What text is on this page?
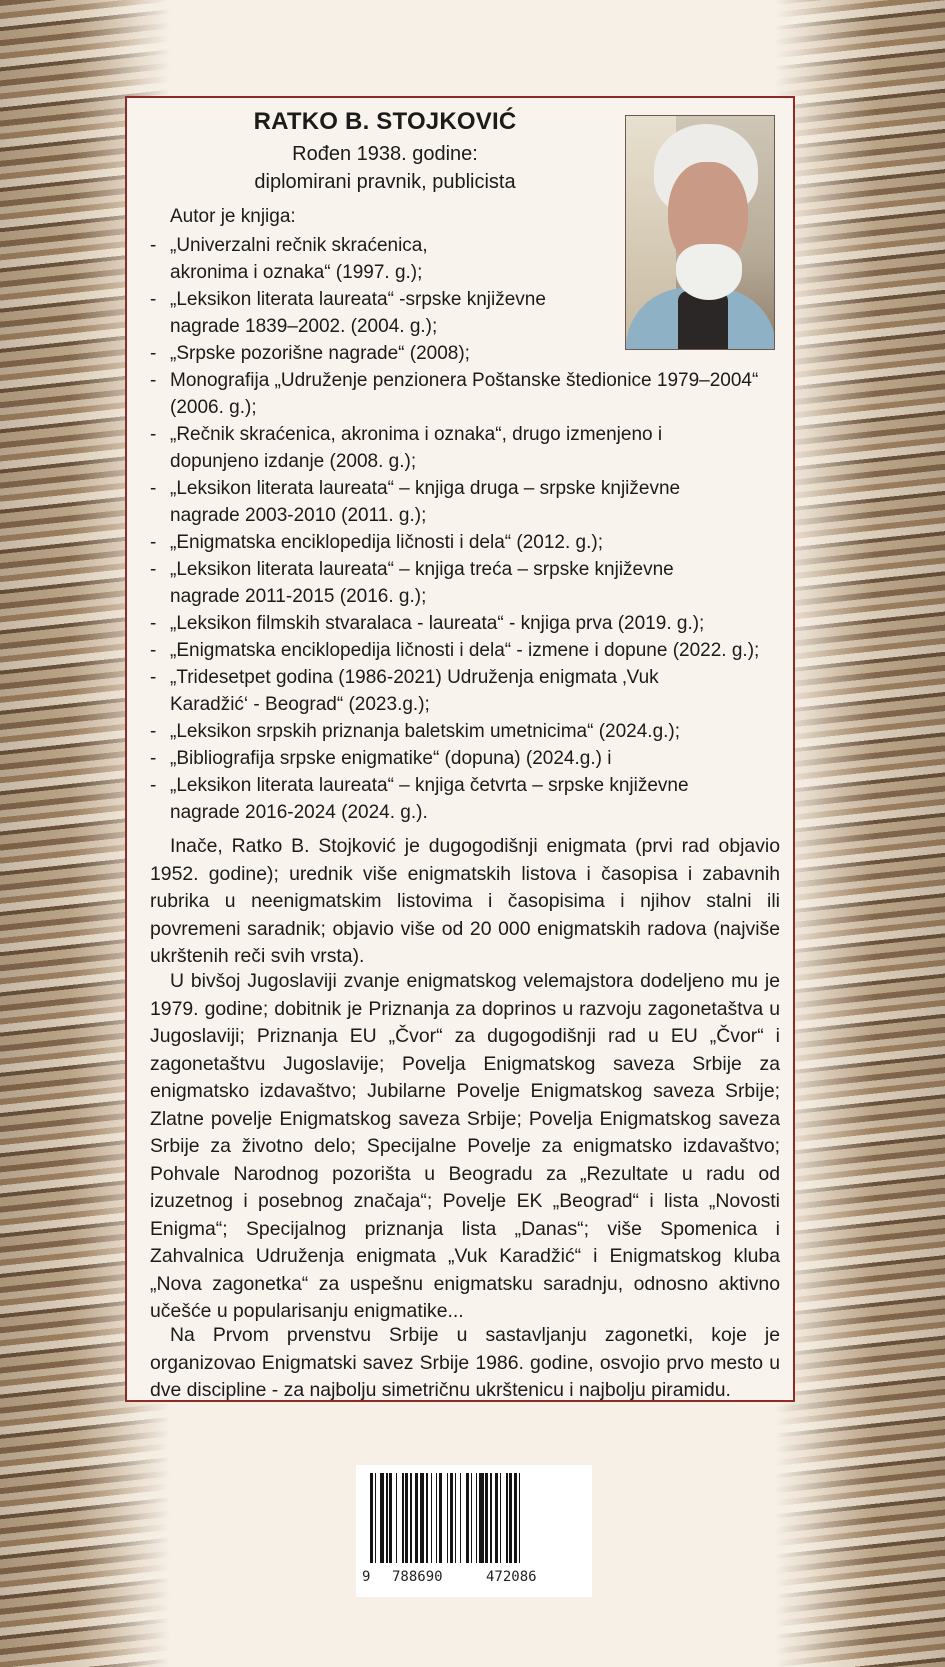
RATKO B. STOJKOVIĆ
Rođen 1938. godine:
diplomirani pravnik, publicista
Autor je knjiga:
- „Univerzalni rečnik skraćenica, akronima i oznaka“ (1997. g.);
- „Leksikon literata laureata“ -srpske književne nagrade 1839–2002. (2004. g.);
- „Srpske pozorišne nagrade“ (2008);
- Monografija „Udruženje penzionera Poštanske štedionice 1979–2004“ (2006. g.);
- „Rečnik skraćenica, akronima i oznaka“, drugo izmenjeno i dopunjeno izdanje (2008. g.);
- „Leksikon literata laureata“ – knjiga druga – srpske književne nagrade 2003-2010 (2011. g.);
- „Enigmatska enciklopedija ličnosti i dela“ (2012. g.);
- „Leksikon literata laureata“ – knjiga treća – srpske književne nagrade 2011-2015 (2016. g.);
- „Leksikon filmskih stvaralaca - laureata“ - knjiga prva (2019. g.);
- „Enigmatska enciklopedija ličnosti i dela“ - izmene i dopune (2022. g.);
- „Tridesetpet godina (1986-2021) Udruženja enigmata ‚Vuk Karadžić‘ - Beograd“ (2023.g.);
- „Leksikon srpskih priznanja baletskim umetnicima“ (2024.g.);
- „Bibliografija srpske enigmatike“ (dopuna) (2024.g.) i
- „Leksikon literata laureata“ – knjiga četvrta – srpske književne nagrade 2016-2024 (2024. g.).

Inače, Ratko B. Stojković je dugogodišnji enigmata (prvi rad objavio 1952. godine); urednik više enigmatskih listova i časopisa i zabavnih rubrika u neenigmatskim listovima i časopisima i njihov stalni ili povremeni saradnik; objavio više od 20 000 enigmatskih radova (najviše ukrštenih reči svih vrsta).

U bivšoj Jugoslaviji zvanje enigmatskog velemajstora dodeljeno mu je 1979. godine; dobitnik je Priznanja za doprinos u razvoju zagonetaštva u Jugoslaviji; Priznanja EU „Čvor“ za dugogodišnji rad u EU „Čvor“ i zagonetaštvu Jugoslavije; Povelja Enigmatskog saveza Srbije za enigmatsko izdavaštvo; Jubilarne Povelje Enigmatskog saveza Srbije; Zlatne povelje Enigmatskog saveza Srbije; Povelja Enigmatskog saveza Srbije za životno delo; Specijalne Povelje za enigmatsko izdavaštvo; Pohvale Narodnog pozorišta u Beogradu za „Rezultate u radu od izuzetnog i posebnog značaja“; Povelje EK „Beograd“ i lista „Novosti Enigma“; Specijalnog priznanja lista „Danas“; više Spomenica i Zahvalnica Udruženja enigmata „Vuk Karadžić“ i Enigmatskog kluba „Nova zagonetka“ za uspešnu enigmatsku saradnju, odnosno aktivno učešće u popularisanju enigmatike...

Na Prvom prvenstvu Srbije u sastavljanju zagonetki, koje je organizovao Enigmatski savez Srbije 1986. godine, osvojio prvo mesto u dve discipline - za najbolju simetričnu ukrštenicu i najbolju piramidu.

9 788690	472086
